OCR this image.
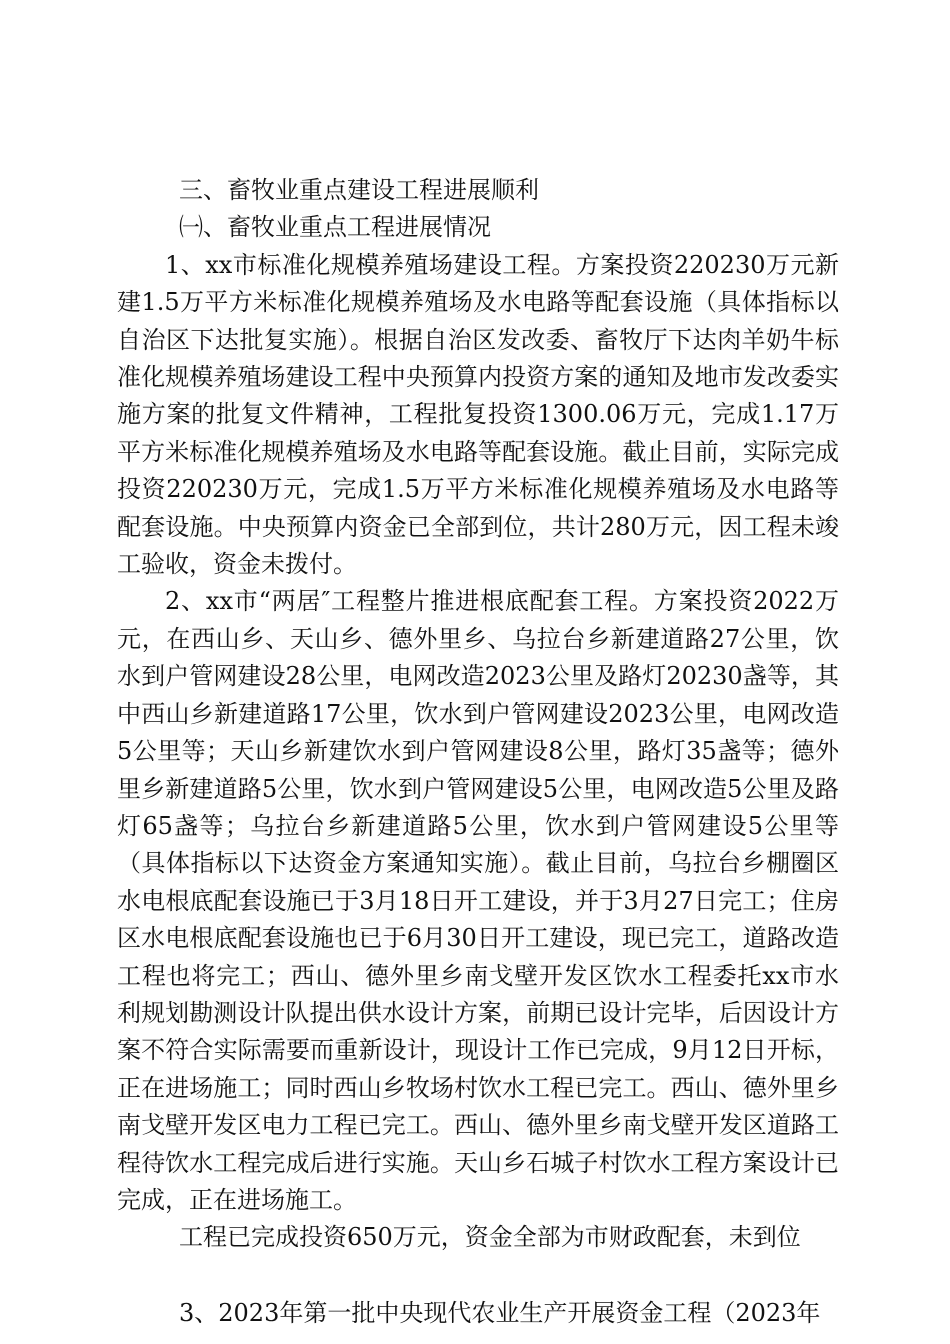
三、畜牧业重点建设工程进展顺利

㈠、畜牧业重点工程进展情况

1、xx市标准化规模养殖场建设工程。方案投资220230万元新建1.5万平方米标准化规模养殖场及水电路等配套设施（具体指标以自治区下达批复实施）。根据自治区发改委、畜牧厅下达肉羊奶牛标准化规模养殖场建设工程中央预算内投资方案的通知及地市发改委实施方案的批复文件精神，工程批复投资1300.06万元，完成1.17万平方米标准化规模养殖场及水电路等配套设施。截止目前，实际完成投资220230万元，完成1.5万平方米标准化规模养殖场及水电路等配套设施。中央预算内资金已全部到位，共计280万元，因工程未竣工验收，资金未拨付。

2、xx市“两居″工程整片推进根底配套工程。方案投资2022万元，在西山乡、天山乡、德外里乡、乌拉台乡新建道路27公里，饮水到户管网建设28公里，电网改造2023公里及路灯20230盏等，其中西山乡新建道路17公里，饮水到户管网建设2023公里，电网改造5公里等；天山乡新建饮水到户管网建设8公里，路灯35盏等；德外里乡新建道路5公里，饮水到户管网建设5公里，电网改造5公里及路灯65盏等；乌拉台乡新建道路5公里，饮水到户管网建设5公里等（具体指标以下达资金方案通知实施）。截止目前，乌拉台乡棚圈区水电根底配套设施已于3月18日开工建设，并于3月27日完工；住房区水电根底配套设施也已于6月30日开工建设，现已完工，道路改造工程也将完工；西山、德外里乡南戈壁开发区饮水工程委托xx市水利规划勘测设计队提出供水设计方案，前期已设计完毕，后因设计方案不符合实际需要而重新设计，现设计工作已完成，9月12日开标，正在进场施工；同时西山乡牧场村饮水工程已完工。西山、德外里乡南戈壁开发区电力工程已完工。西山、德外里乡南戈壁开发区道路工程待饮水工程完成后进行实施。天山乡石城子村饮水工程方案设计已完成，正在进场施工。

工程已完成投资650万元，资金全部为市财政配套，未到位

3、2023年第一批中央现代农业生产开展资金工程（2023年
